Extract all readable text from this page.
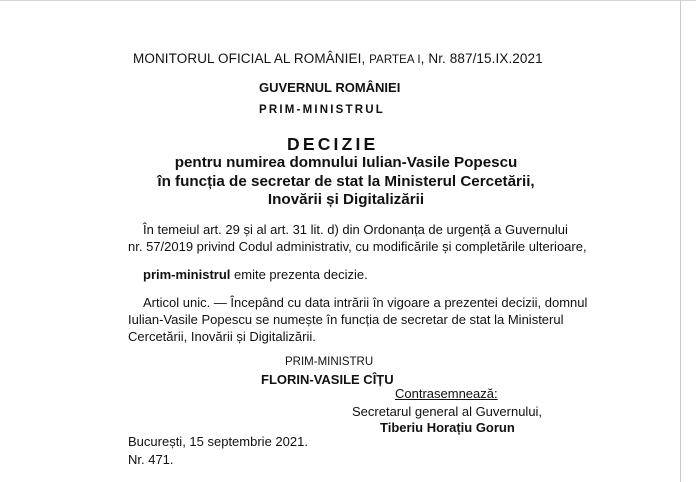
MONITORUL OFICIAL AL ROMÂNIEI, PARTEA I, Nr. 887/15.IX.2021
GUVERNUL ROMÂNIEI
PRIM-MINISTRUL
DECIZIE
pentru numirea domnului Iulian-Vasile Popescu
în funcția de secretar de stat la Ministerul Cercetării,
Inovării și Digitalizării
În temeiul art. 29 și al art. 31 lit. d) din Ordonanța de urgență a Guvernului
nr. 57/2019 privind Codul administrativ, cu modificările și completările ulterioare,
prim-ministrul emite prezenta decizie.
Articol unic. — Începând cu data intrării în vigoare a prezentei decizii, domnul
Iulian-Vasile Popescu se numește în funcția de secretar de stat la Ministerul
Cercetării, Inovării și Digitalizării.
PRIM-MINISTRU
FLORIN-VASILE CÎȚU
Contrasemnează:
Secretarul general al Guvernului,
Tiberiu Horațiu Gorun
București, 15 septembrie 2021.
Nr. 471.
